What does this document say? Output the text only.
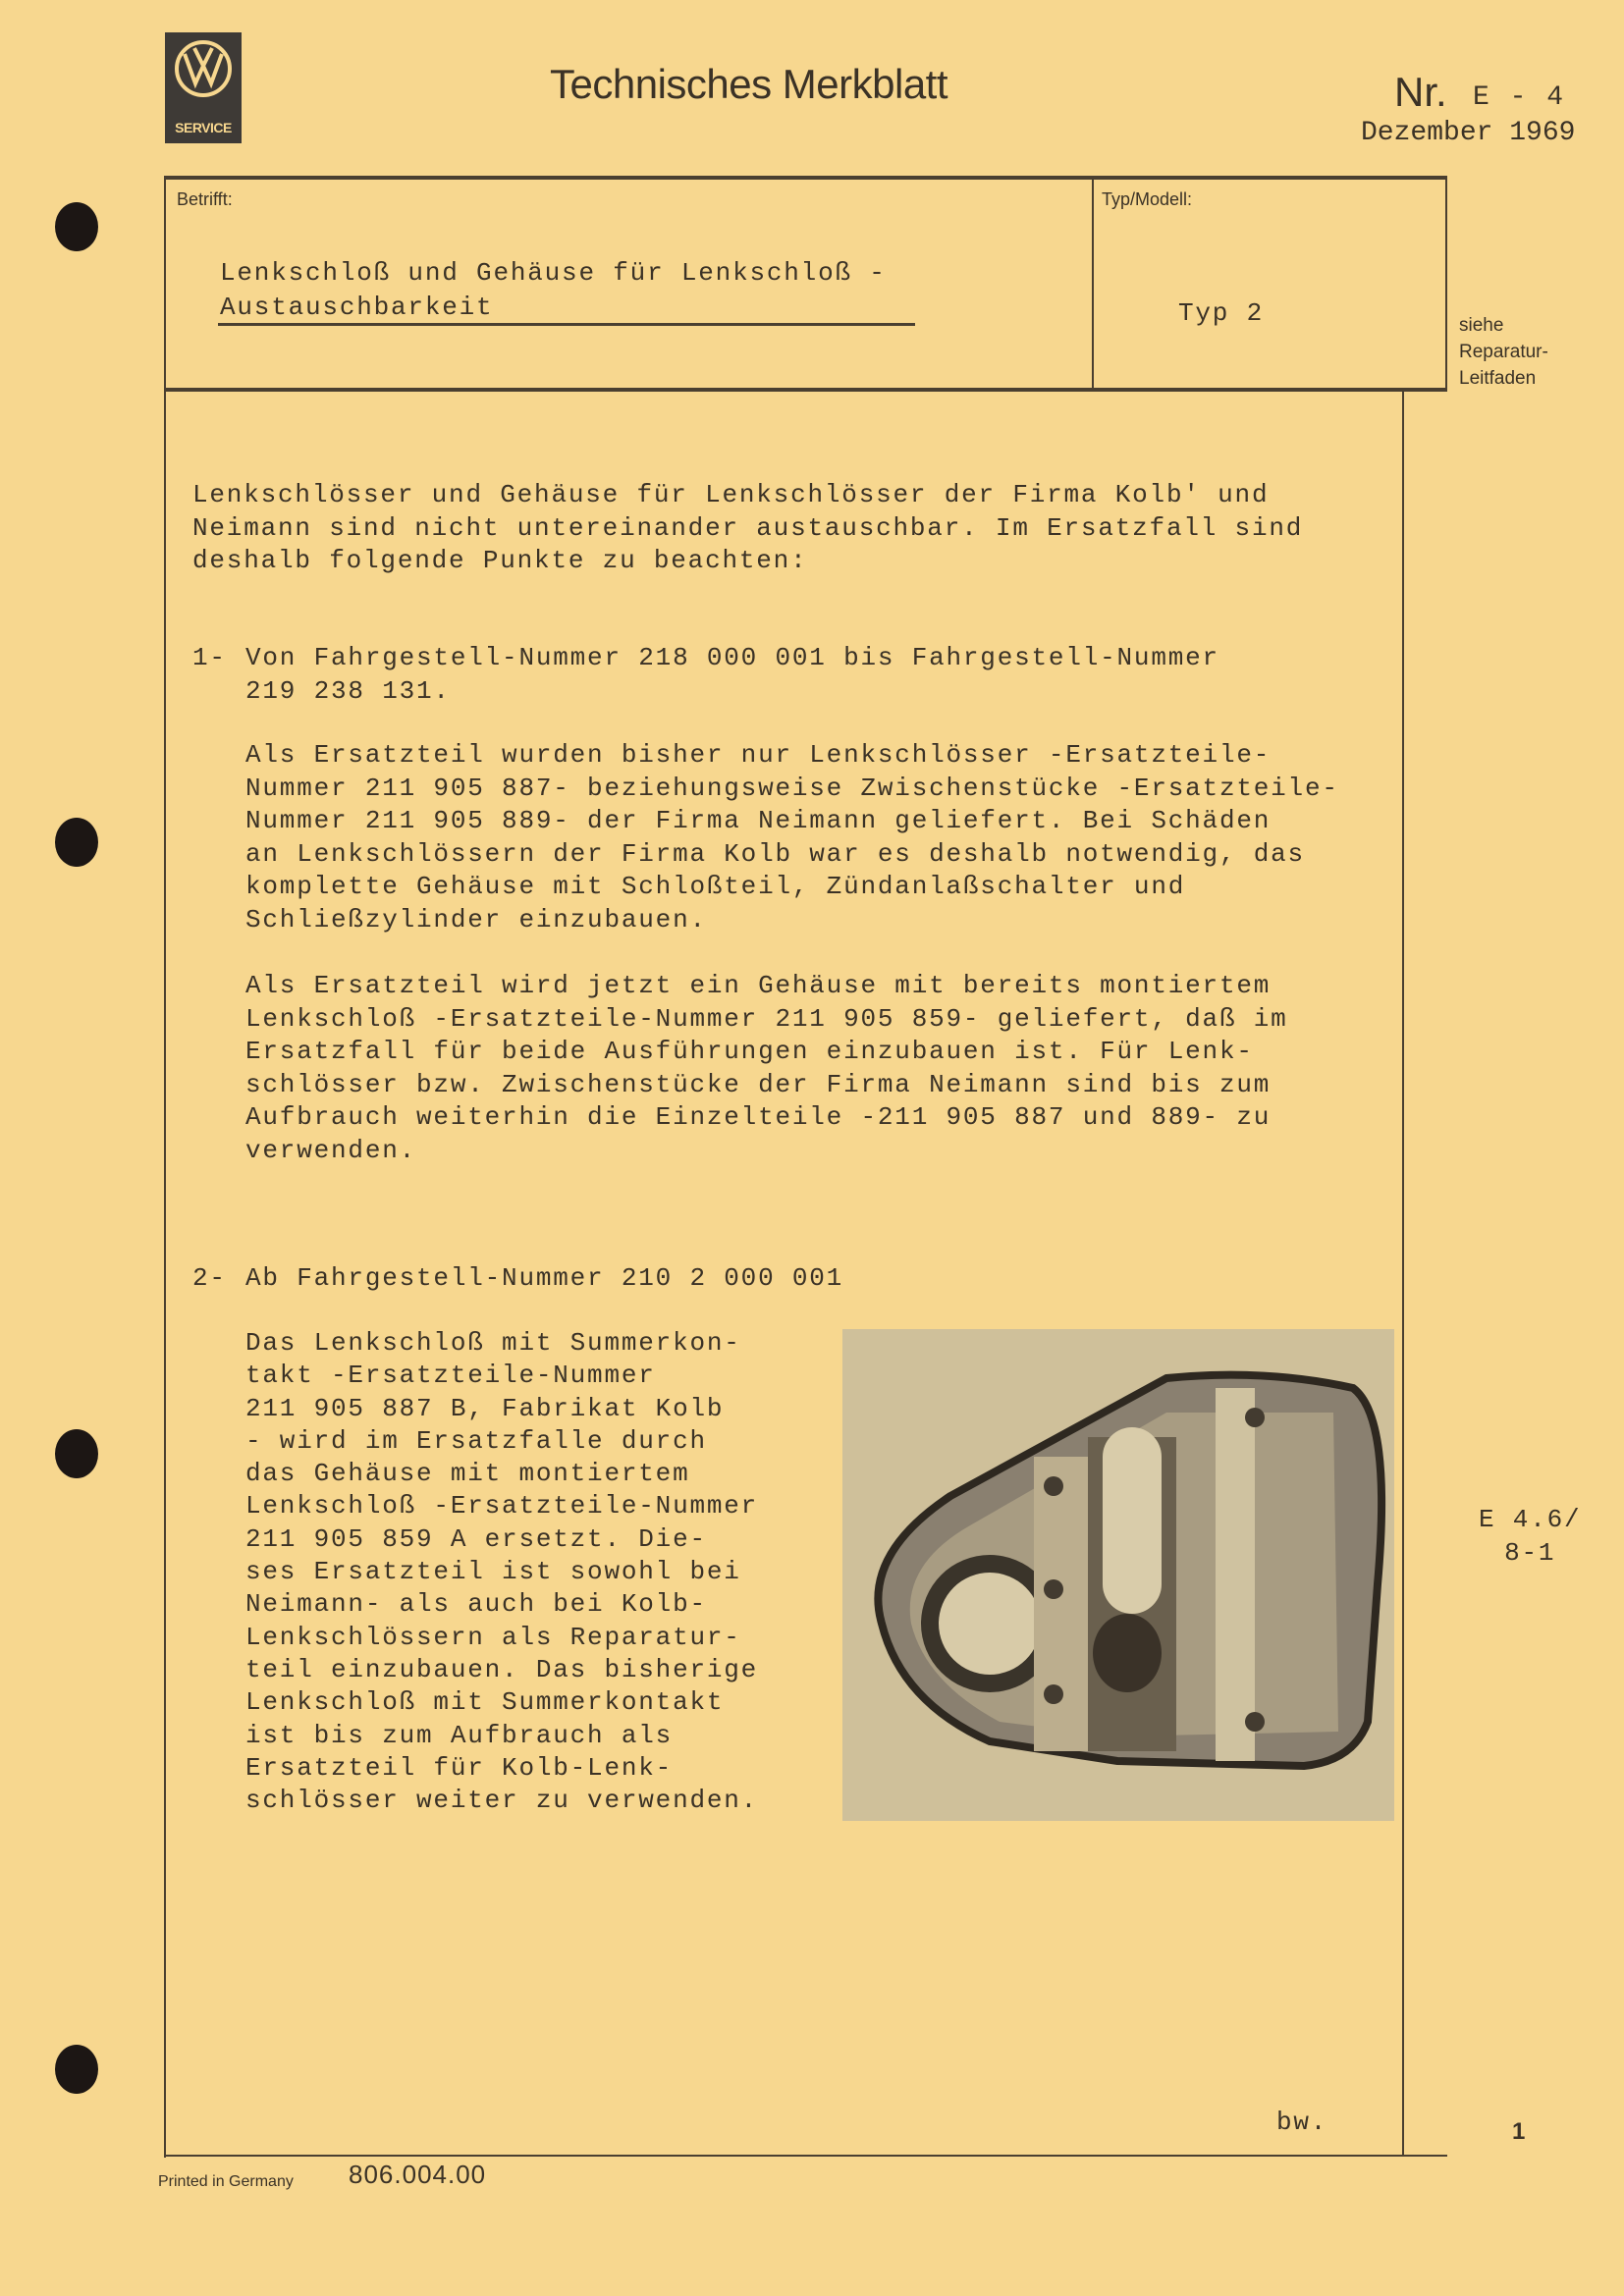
SERVICE
Technisches Merkblatt	Nr. E - 4
Dezember 1969
Betrifft:	Typ/Modell:
Lenkschloß und Gehäuse für Lenkschloß -
Austauschbarkeit	Typ 2	siehe
Reparatur-
Leitfaden
Lenkschlösser und Gehäuse für Lenkschlösser der Firma Kolb' und
Neimann sind nicht untereinander austauschbar. Im Ersatzfall sind
deshalb folgende Punkte zu beachten:
1- Von Fahrgestell-Nummer 218 000 001 bis Fahrgestell-Nummer
219 238 131.
Als Ersatzteil wurden bisher nur Lenkschlösser -Ersatzteile-
Nummer 211 905 887- beziehungsweise Zwischenstücke -Ersatzteile-
Nummer 211 905 889- der Firma Neimann geliefert. Bei Schäden
an Lenkschlössern der Firma Kolb war es deshalb notwendig, das
komplette Gehäuse mit Schloßteil, Zündanlaßschalter und
Schließzylinder einzubauen.
Als Ersatzteil wird jetzt ein Gehäuse mit bereits montiertem
Lenkschloß -Ersatzteile-Nummer 211 905 859- geliefert, daß im
Ersatzfall für beide Ausführungen einzubauen ist. Für Lenk-
schlösser bzw. Zwischenstücke der Firma Neimann sind bis zum
Aufbrauch weiterhin die Einzelteile -211 905 887 und 889- zu
verwenden.
2- Ab Fahrgestell-Nummer 210 2 000 001
Das Lenkschloß mit Summerkon-
takt -Ersatzteile-Nummer
211 905 887 B, Fabrikat Kolb
- wird im Ersatzfalle durch
das Gehäuse mit montiertem
Lenkschloß -Ersatzteile-Nummer
211 905 859 A ersetzt. Die-
ses Ersatzteil ist sowohl bei
Neimann- als auch bei Kolb-
Lenkschlössern als Reparatur-
teil einzubauen. Das bisherige
Lenkschloß mit Summerkontakt
ist bis zum Aufbrauch als
Ersatzteil für Kolb-Lenk-
schlösser weiter zu verwenden.
E 4.6/
8-1
bw.	1
Printed in Germany 806.004.00
